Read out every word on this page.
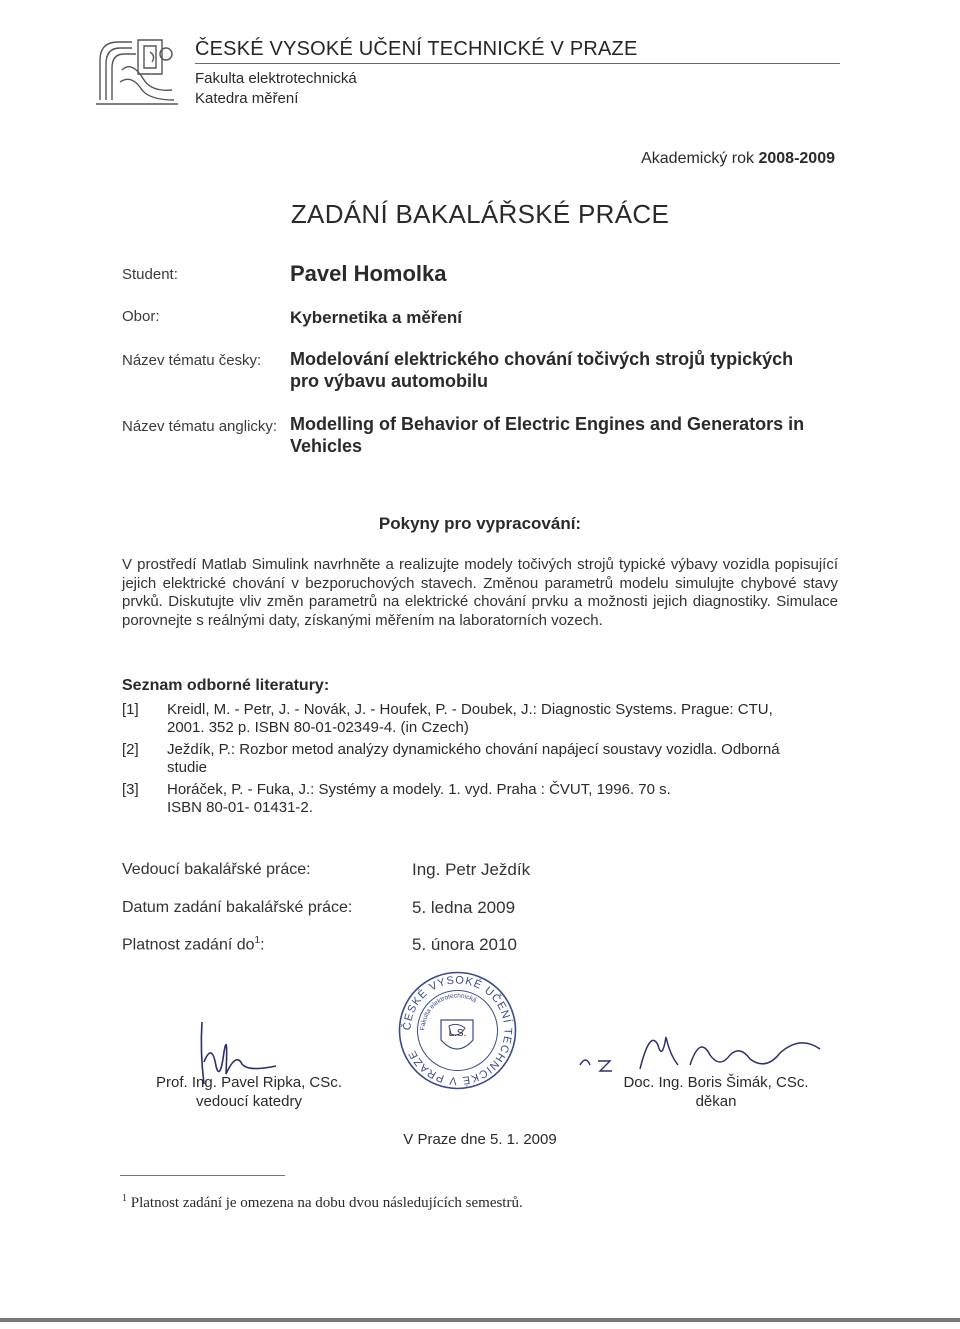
ČESKÉ VYSOKÉ UČENÍ TECHNICKÉ V PRAZE
Fakulta elektrotechnická
Katedra měření
Akademický rok 2008-2009
ZADÁNÍ BAKALÁŘSKÉ PRÁCE
Student:	Pavel Homolka
Obor:	Kybernetika a měření
Název tématu česky: Modelování elektrického chování točivých strojů typických
pro výbavu automobilu
Název tématu anglicky: Modelling of Behavior of Electric Engines and Generators in
Vehicles
Pokyny pro vypracování:
V prostředí Matlab Simulink navrhněte a realizujte modely točivých strojů typické výbavy vozidla popisující jejich elektrické chování v bezporuchových stavech. Změnou parametrů modelu simulujte chybové stavy prvků. Diskutujte vliv změn parametrů na elektrické chování prvku a možnosti jejich diagnostiky. Simulace porovnejte s reálnými daty, získanými měřením na laboratorních vozech.
Seznam odborné literatury:
[1] Kreidl, M. - Petr, J. - Novák, J. - Houfek, P. - Doubek, J.: Diagnostic Systems. Prague: CTU,
2001. 352 p. ISBN 80-01-02349-4. (in Czech)
[2] Ježdík, P.: Rozbor metod analýzy dynamického chování napájecí soustavy vozidla. Odborná
studie
[3] Horáček, P. - Fuka, J.: Systémy a modely. 1. vyd. Praha : ČVUT, 1996. 70 s.
ISBN 80-01- 01431-2.
Vedoucí bakalářské práce:	Ing. Petr Ježdík
Datum zadání bakalářské práce:	5. ledna 2009
Platnost zadání $do^1$:	5. února 2010
ČESKÉ VYSOKÉ UČENÍ TECHNICKÉ V PRAZE
Fakulta elektrotechnická
L.S.
Prof. Ing. Pavel Ripka, CSc.
vedoucí katedry
Doc. Ing. Boris Šimák, CSc.
děkan
V Praze dne 5. 1. 2009
$^1$ Platnost zadání je omezena na dobu dvou následujících semestrů.
